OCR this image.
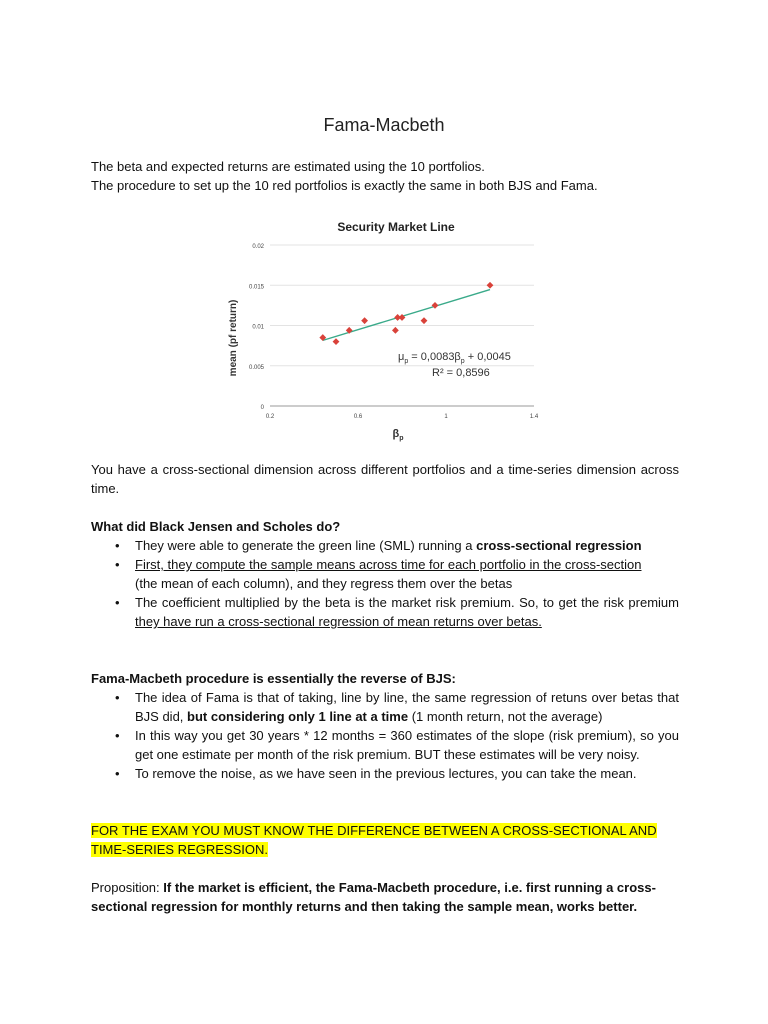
Fama-Macbeth

The beta and expected returns are estimated using the 10 portfolios.

The procedure to set up the 10 red portfolios is exactly the same in both BJS and Fama.

Security Market Line
0
0.005
0.01
0.015
0.02
0.2	0.6	1	1.4
mean (pf return)
$\beta_p$
$\mu_p = 0,0083\beta_p + 0,0045$
R² = 0,8596

You have a cross-sectional dimension across different portfolios and a time-series dimension across time.

What did Black Jensen and Scholes do?

• They were able to generate the green line (SML) running a cross-sectional regression
• First, they compute the sample means across time for each portfolio in the cross-section
(the mean of each column), and they regress them over the betas
• The coefficient multiplied by the beta is the market risk premium. So, to get the risk premium they have run a cross-sectional regression of mean returns over betas.

Fama-Macbeth procedure is essentially the reverse of BJS:

• The idea of Fama is that of taking, line by line, the same regression of retuns over betas that BJS did, but considering only 1 line at a time (1 month return, not the average)
• In this way you get 30 years * 12 months = 360 estimates of the slope (risk premium), so you get one estimate per month of the risk premium. BUT these estimates will be very noisy.
• To remove the noise, as we have seen in the previous lectures, you can take the mean.

FOR THE EXAM YOU MUST KNOW THE DIFFERENCE BETWEEN A CROSS-SECTIONAL AND TIME-SERIES REGRESSION.

Proposition: If the market is efficient, the Fama-Macbeth procedure, i.e. first running a cross-sectional regression for monthly returns and then taking the sample mean, works better.
